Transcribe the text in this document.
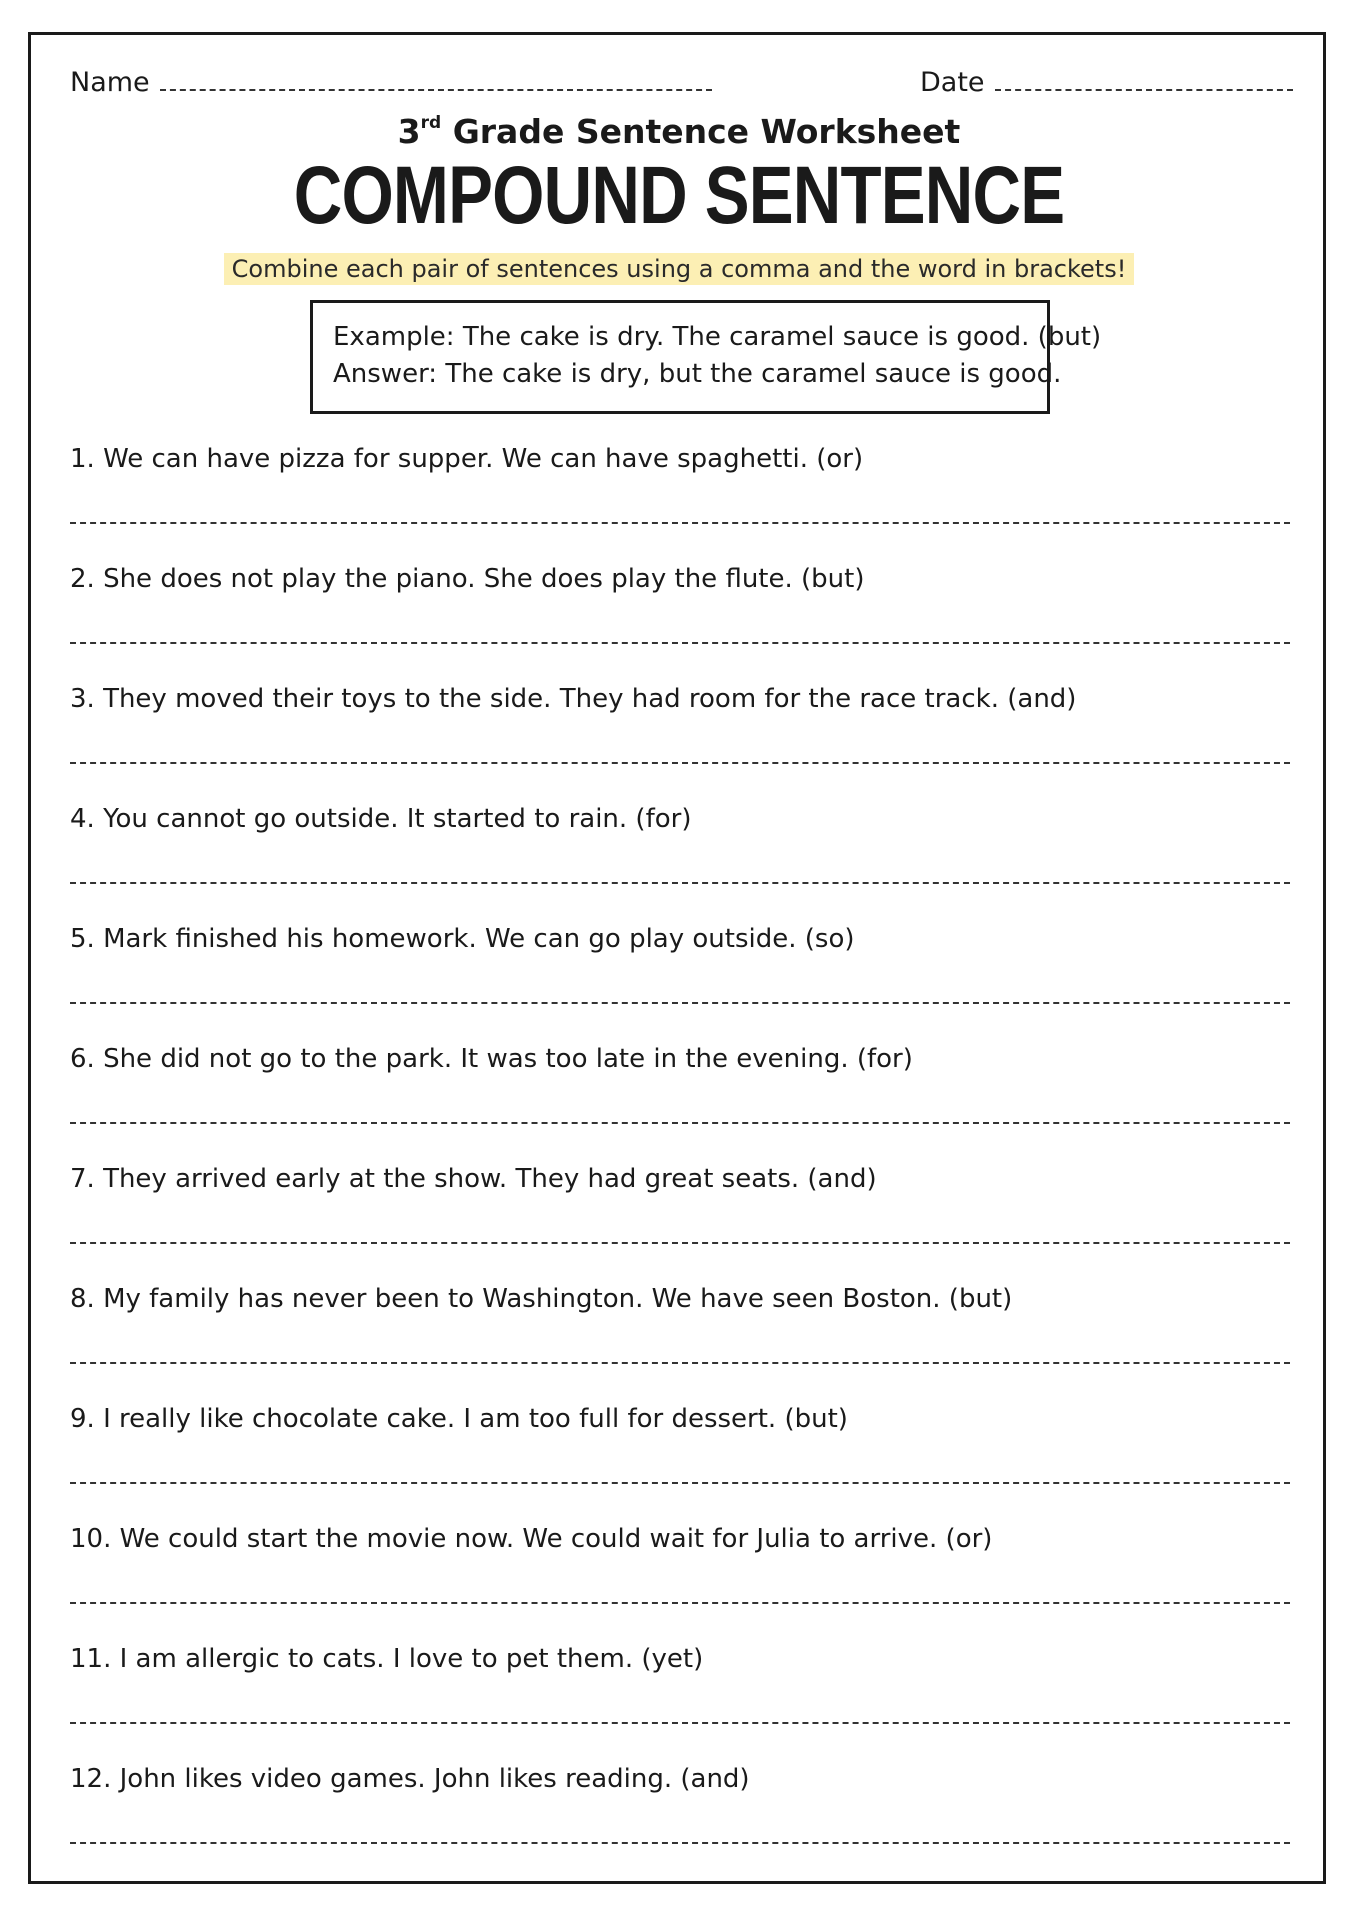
Name	Date
3rd Grade Sentence Worksheet
COMPOUND SENTENCE
Combine each pair of sentences using a comma and the word in brackets!
Example: The cake is dry. The caramel sauce is good. (but)
Answer: The cake is dry, but the caramel sauce is good.
1. We can have pizza for supper. We can have spaghetti. (or)
2. She does not play the piano. She does play the flute. (but)
3. They moved their toys to the side. They had room for the race track. (and)
4. You cannot go outside. It started to rain. (for)
5. Mark finished his homework. We can go play outside. (so)
6. She did not go to the park. It was too late in the evening. (for)
7. They arrived early at the show. They had great seats. (and)
8. My family has never been to Washington. We have seen Boston. (but)
9. I really like chocolate cake. I am too full for dessert. (but)
10. We could start the movie now. We could wait for Julia to arrive. (or)
11. I am allergic to cats. I love to pet them. (yet)
12. John likes video games. John likes reading. (and)
